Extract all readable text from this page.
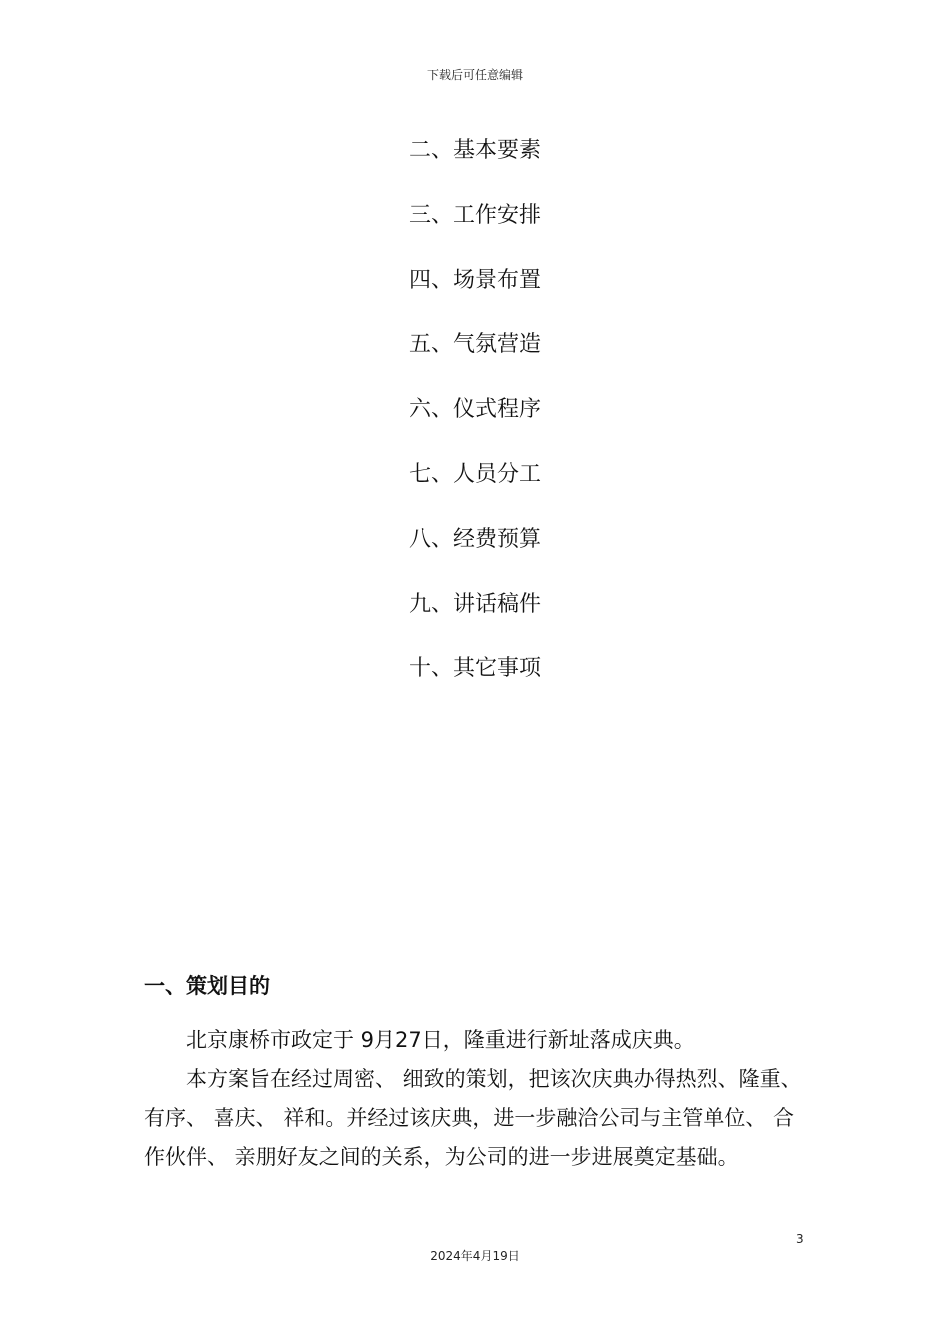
下载后可任意编辑
二、基本要素
三、工作安排
四、场景布置
五、气氛营造
六、仪式程序
七、人员分工
八、经费预算
九、讲话稿件
十、其它事项
一、策划目的

北京康桥市政定于 9月27日，隆重进行新址落成庆典。

本方案旨在经过周密、 细致的策划，把该次庆典办得热烈、隆重、 有序、 喜庆、 祥和。并经过该庆典，进一步融洽公司与主管单位、 合作伙伴、 亲朋好友之间的关系，为公司的进一步进展奠定基础。

3
2024年4月19日
